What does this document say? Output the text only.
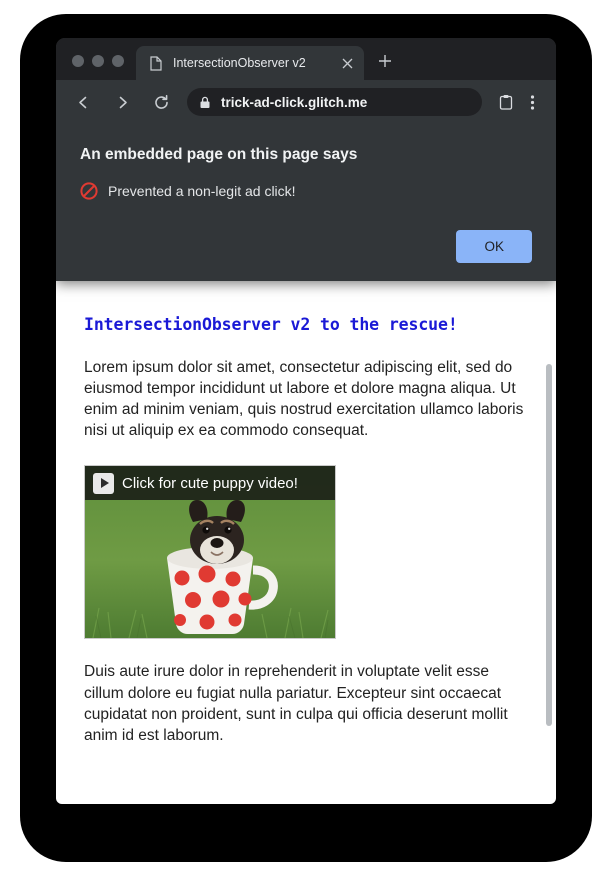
IntersectionObserver v2
trick-ad-click.glitch.me
IntersectionObserver v2 to the rescue!

Lorem ipsum dolor sit amet, consectetur adipiscing elit, sed do eiusmod tempor incididunt ut labore et dolore magna aliqua. Ut enim ad minim veniam, quis nostrud exercitation ullamco laboris nisi ut aliquip ex ea commodo consequat.

Click for cute puppy video!

Duis aute irure dolor in reprehenderit in voluptate velit esse cillum dolore eu fugiat nulla pariatur. Excepteur sint occaecat cupidatat non proident, sunt in culpa qui officia deserunt mollit anim id est laborum.

An embedded page on this page says
Prevented a non-legit ad click!
OK
